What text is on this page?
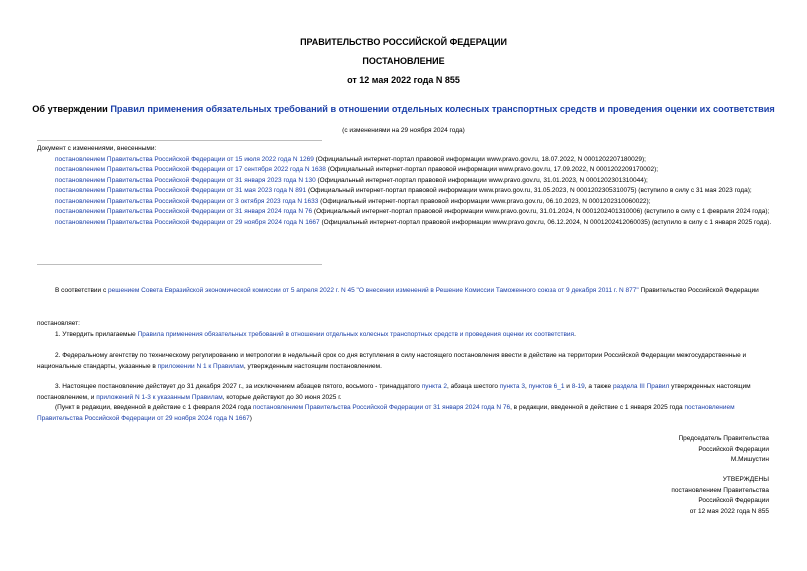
ПРАВИТЕЛЬСТВО РОССИЙСКОЙ ФЕДЕРАЦИИ
ПОСТАНОВЛЕНИЕ
от 12 мая 2022 года N 855
Об утверждении Правил применения обязательных требований в отношении отдельных колесных транспортных средств и проведения оценки их соответствия
(с изменениями на 29 ноября 2024 года)
Документ с изменениями, внесенными:
постановлением Правительства Российской Федерации от 15 июля 2022 года N 1269 (Официальный интернет-портал правовой информации www.pravo.gov.ru, 18.07.2022, N 0001202207180029);
постановлением Правительства Российской Федерации от 17 сентября 2022 года N 1638 (Официальный интернет-портал правовой информации www.pravo.gov.ru, 17.09.2022, N 0001202209170002);
постановлением Правительства Российской Федерации от 31 января 2023 года N 130 (Официальный интернет-портал правовой информации www.pravo.gov.ru, 31.01.2023, N 0001202301310044);
постановлением Правительства Российской Федерации от 31 мая 2023 года N 891 (Официальный интернет-портал правовой информации www.pravo.gov.ru, 31.05.2023, N 0001202305310075) (вступило в силу с 31 мая 2023 года);
постановлением Правительства Российской Федерации от 3 октября 2023 года N 1633 (Официальный интернет-портал правовой информации www.pravo.gov.ru, 06.10.2023, N 0001202310060022);
постановлением Правительства Российской Федерации от 31 января 2024 года N 76 (Официальный интернет-портал правовой информации www.pravo.gov.ru, 31.01.2024, N 0001202401310006) (вступило в силу с 1 февраля 2024 года);
постановлением Правительства Российской Федерации от 29 ноября 2024 года N 1667 (Официальный интернет-портал правовой информации www.pravo.gov.ru, 06.12.2024, N 0001202412060035) (вступило в силу с 1 января 2025 года).
В соответствии с решением Совета Евразийской экономической комиссии от 5 апреля 2022 г. N 45 "О внесении изменений в Решение Комиссии Таможенного союза от 9 декабря 2011 г. N 877" Правительство Российской Федерации
постановляет:
1. Утвердить прилагаемые Правила применения обязательных требований в отношении отдельных колесных транспортных средств и проведения оценки их соответствия.
2. Федеральному агентству по техническому регулированию и метрологии в недельный срок со дня вступления в силу настоящего постановления ввести в действие на территории Российской Федерации межгосударственные и национальные стандарты, указанные в приложении N 1 к Правилам, утвержденным настоящим постановлением.
3. Настоящее постановление действует до 31 декабря 2027 г., за исключением абзацев пятого, восьмого - тринадцатого пункта 2, абзаца шестого пункта 3, пунктов 6_1 и 8-19, а также раздела III Правил утвержденных настоящим постановлением, и приложений N 1-3 к указанным Правилам, которые действуют до 30 июня 2025 г.
(Пункт в редакции, введенной в действие с 1 февраля 2024 года постановлением Правительства Российской Федерации от 31 января 2024 года N 76, в редакции, введенной в действие с 1 января 2025 года постановлением Правительства Российской Федерации от 29 ноября 2024 года N 1667)
Председатель Правительства
Российской Федерации
М.Мишустин
УТВЕРЖДЕНЫ
постановлением Правительства
Российской Федерации
от 12 мая 2022 года N 855
